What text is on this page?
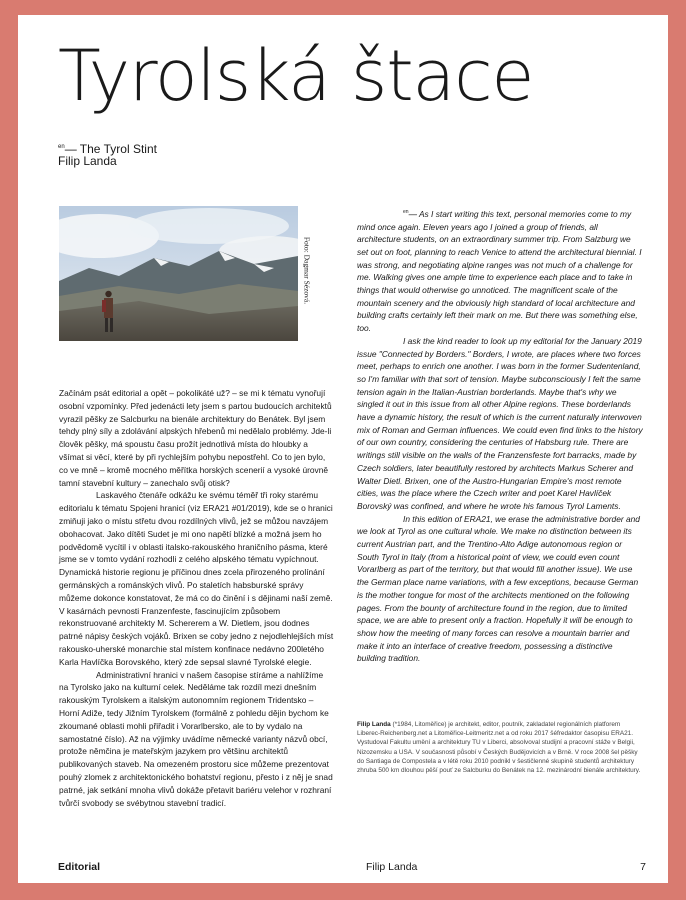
Tyrolská štace
$^{en}$— The Tyrol Stint
Filip Landa
Foto: Dagmar Sézová.

Začínám psát editorial a opět – pokolikáté už? – se mi k tématu vynořují osobní vzpomínky. Před jedenácti lety jsem s partou budoucích architektů vyrazil pěšky ze Salcburku na bienále architektury do Benátek. Byl jsem tehdy plný síly a zdolávání alpských hřebenů mi nedělalo problémy. Jde-li člověk pěšky, má spoustu času prožít jednotlivá místa do hloubky a všímat si věcí, které by při rychlejším pohybu nepostřehl. Co to jen bylo, co ve mně – kromě mocného měřítka horských scenerií a vysoké úrovně tamní stavební kultury – zanechalo svůj otisk?

Laskavého čtenáře odkážu ke svému téměř tři roky starému editorialu k tématu Spojeni hranicí (viz ERA21 #01/2019), kde se o hranici zmiňuji jako o místu střetu dvou rozdílných vlivů, jež se můžou navzájem obohacovat. Jako dítěti Sudet je mi ono napětí blízké a možná jsem ho podvědomě vycítil i v oblasti italsko-rakouského hraničního pásma, které jsme se v tomto vydání rozhodli z celého alpského tématu vypíchnout. Dynamická historie regionu je příčinou dnes zcela přirozeného prolínání germánských a románských vlivů. Po staletích habsburské správy můžeme dokonce konstatovat, že má co do činění i s dějinami naší země. V kasárnách pevnosti Franzenfeste, fascinujícím způsobem rekonstruované architekty M. Schererem a W. Dietlem, jsou dodnes patrné nápisy českých vojáků. Brixen se coby jedno z nejodlehlejších míst rakousko-uherské monarchie stal místem konfinace nedávno 200letého Karla Havlíčka Borovského, který zde sepsal slavné Tyrolské elegie.

Administrativní hranici v našem časopise stíráme a nahlížíme na Tyrolsko jako na kulturní celek. Neděláme tak rozdíl mezi dnešním rakouským Tyrolskem a italským autonomním regionem Tridentsko – Horní Adiže, tedy Jižním Tyrolskem (formálně z pohledu dějin bychom ke zkoumané oblasti mohli přiřadit i Vorarlbersko, ale to by vydalo na samostatné číslo). Až na výjimky uvádíme německé varianty názvů obcí, protože němčina je mateřským jazykem pro většinu architektů publikovaných staveb. Na omezeném prostoru sice můžeme prezentovat pouhý zlomek z architektonického bohatství regionu, přesto i z něj je snad patrné, jak setkání mnoha vlivů dokáže přetavit bariéru velehor v rozhraní tvůrčí svobody se svébytnou stavební tradicí.

$^{en}$— As I start writing this text, personal memories come to my mind once again. Eleven years ago I joined a group of friends, all architecture students, on an extraordinary summer trip. From Salzburg we set out on foot, planning to reach Venice to attend the architectural biennial. I was strong, and negotiating alpine ranges was not much of a challenge for me. Walking gives one ample time to experience each place and to take in things that would otherwise go unnoticed. The magnificent scale of the mountain scenery and the obviously high standard of local architecture and building crafts certainly left their mark on me. But there was something else, too.

I ask the kind reader to look up my editorial for the January 2019 issue "Connected by Borders." Borders, I wrote, are places where two forces meet, perhaps to enrich one another. I was born in the former Sudentenland, so I'm familiar with that sort of tension. Maybe subconsciously I felt the same tension again in the Italian-Austrian borderlands. Maybe that's why we singled it out in this issue from all other Alpine regions. These borderlands have a dynamic history, the result of which is the current naturally interwoven mix of Roman and German influences. We could even find links to the history of our own country, considering the centuries of Habsburg rule. There are writings still visible on the walls of the Franzensfeste fort barracks, made by Czech soldiers, later beautifully restored by architects Markus Scherer and Walter Dietl. Brixen, one of the Austro-Hungarian Empire's most remote cities, was the place where the Czech writer and poet Karel Havlíček Borovský was confined, and where he wrote his famous Tyrol Laments.

In this edition of ERA21, we erase the administrative border and we look at Tyrol as one cultural whole. We make no distinction between its current Austrian part, and the Trentino-Alto Adige autonomous region or South Tyrol in Italy (from a historical point of view, we could even count Vorarlberg as part of the territory, but that would fill another issue). We use the German place name variations, with a few exceptions, because German is the mother tongue for most of the architects mentioned on the following pages. From the bounty of architecture found in the region, due to limited space, we are able to present only a fraction. Hopefully it will be enough to show how the meeting of many forces can resolve a mountain barrier and make it into an interface of creative freedom, possessing a distinctive building tradition.

Filip Landa (*1984, Litoměřice) je architekt, editor, poutník, zakladatel regionálních platforem Liberec-Reichenberg.net a Litoměřice-Leitmeritz.net a od roku 2017 šéfredaktor časopisu ERA21. Vystudoval Fakultu umění a architektury TU v Liberci, absolvoval studijní a pracovní stáže v Belgii, Nizozemsku a USA. V současnosti působí v Českých Budějovicích a v Brně. V roce 2008 šel pěšky do Santiaga de Compostela a v létě roku 2010 podnikl v šestičlenné skupině studentů architektury zhruba 500 km dlouhou pěší pouť ze Salcburku do Benátek na 12. mezinárodní bienále architektury.
Editorial	Filip Landa	7
